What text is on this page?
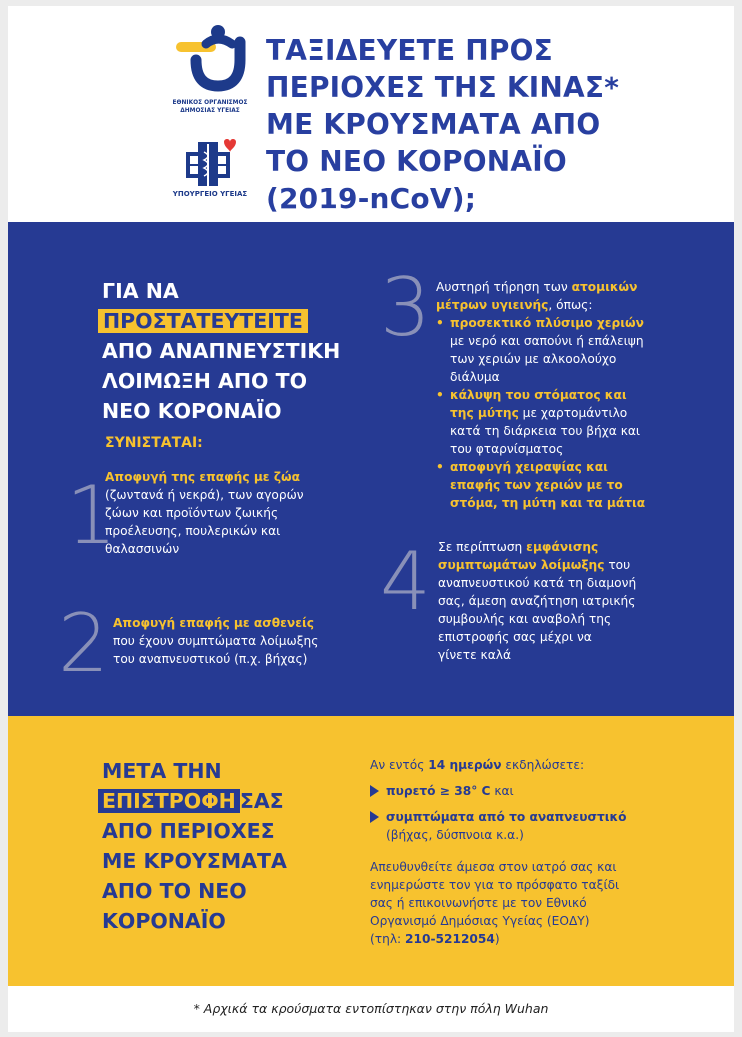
ΕΘΝΙΚΟΣ ΟΡΓΑΝΙΣΜΟΣ
ΔΗΜΟΣΙΑΣ ΥΓΕΙΑΣ
ΥΠΟΥΡΓΕΙΟ ΥΓΕΙΑΣ
ΤΑΞΙΔΕΥΕΤΕ ΠΡΟΣ
ΠΕΡΙΟΧΕΣ ΤΗΣ ΚΙΝΑΣ*
ΜΕ ΚΡΟΥΣΜΑΤΑ ΑΠΟ
ΤΟ ΝΕΟ ΚΟΡΟΝΑΪΟ
(2019-nCoV);
ΓΙΑ ΝΑ
ΠΡΟΣΤΑΤΕΥΤΕΙΤΕ
ΑΠΟ ΑΝΑΠΝΕΥΣΤΙΚΗ
ΛΟΙΜΩΞΗ ΑΠΟ ΤΟ
ΝΕΟ ΚΟΡΟΝΑΪΟ
ΣΥΝΙΣΤΑΤΑΙ:
1
Αποφυγή της επαφής με ζώα
(ζωντανά ή νεκρά), των αγορών
ζώων και προϊόντων ζωικής
προέλευσης, πουλερικών και
θαλασσινών
2 Αποφυγή επαφής με ασθενείς
που έχουν συμπτώματα λοίμωξης
του αναπνευστικού (π.χ. βήχας)
3 Αυστηρή τήρηση των ατομικών
μέτρων υγιεινής, όπως:
• προσεκτικό πλύσιμο χεριών
με νερό και σαπούνι ή επάλειψη
των χεριών με αλκοολούχο
διάλυμα
• κάλυψη του στόματος και
της μύτης με χαρτομάντιλο
κατά τη διάρκεια του βήχα και
του φταρνίσματος
• αποφυγή χειραψίας και
επαφής των χεριών με το
στόμα, τη μύτη και τα μάτια
4 Σε περίπτωση εμφάνισης
συμπτωμάτων λοίμωξης του
αναπνευστικού κατά τη διαμονή
σας, άμεση αναζήτηση ιατρικής
συμβουλής και αναβολή της
επιστροφής σας μέχρι να
γίνετε καλά
ΜΕΤΑ ΤΗΝ
ΕΠΙΣΤΡΟΦΗ ΣΑΣ
ΑΠΟ ΠΕΡΙΟΧΕΣ
ΜΕ ΚΡΟΥΣΜΑΤΑ
ΑΠΟ ΤΟ ΝΕΟ
ΚΟΡΟΝΑΪΟ
Αν εντός 14 ημερών εκδηλώσετε:
πυρετό ≥ 38° C και
συμπτώματα από το αναπνευστικό
(βήχας, δύσπνοια κ.α.)
Απευθυνθείτε άμεσα στον ιατρό σας και
ενημερώστε τον για το πρόσφατο ταξίδι
σας ή επικοινωνήστε με τον Εθνικό
Οργανισμό Δημόσιας Υγείας (ΕΟΔΥ)
(τηλ: 210-5212054)
* Αρχικά τα κρούσματα εντοπίστηκαν στην πόλη Wuhan
